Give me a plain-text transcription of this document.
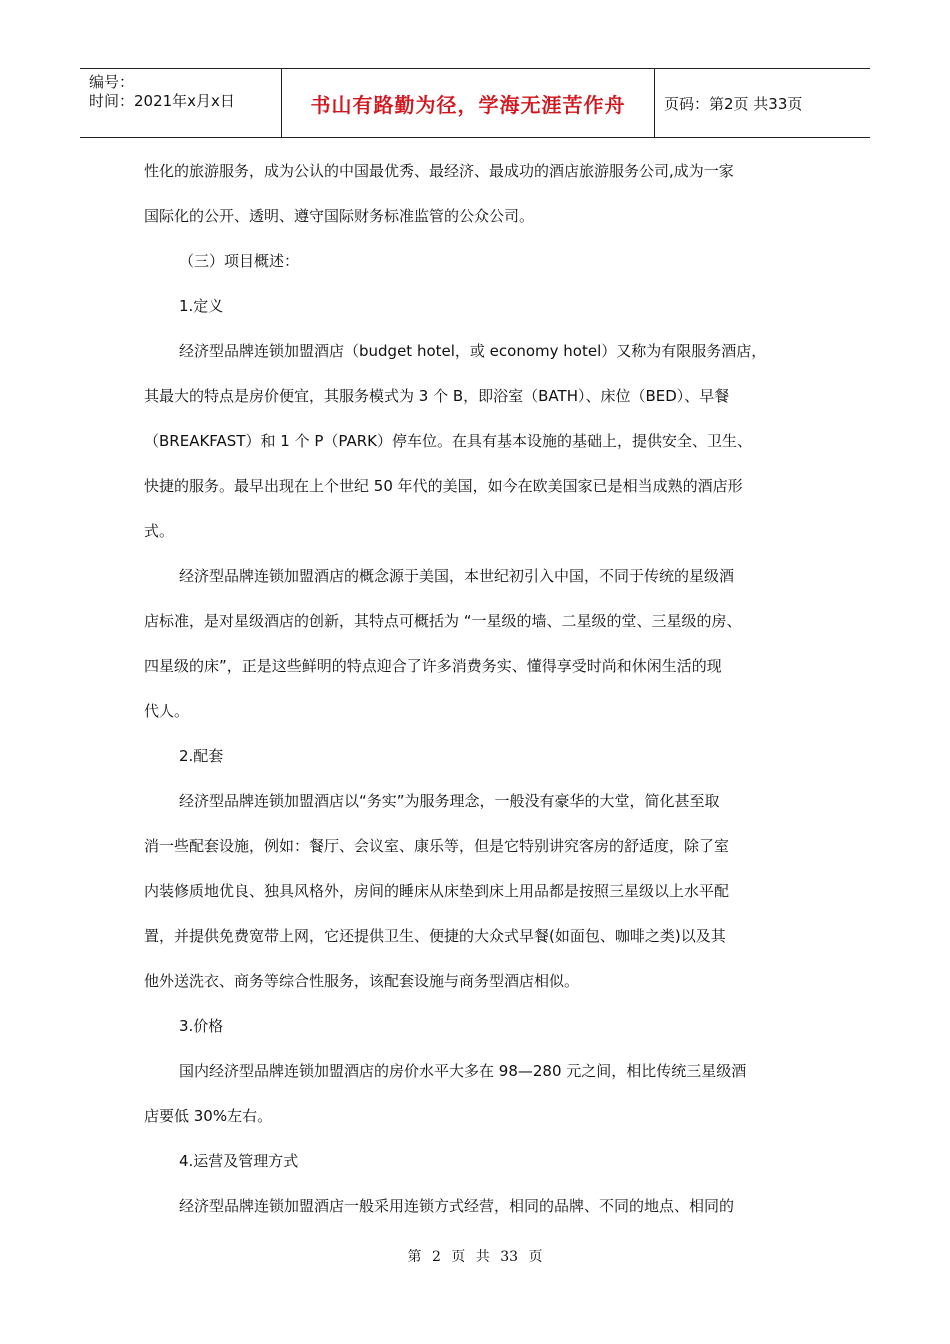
编号：
时间：2021年x月x日	书山有路勤为径，学海无涯苦作舟	页码：第2页 共33页
性化的旅游服务，成为公认的中国最优秀、最经济、最成功的酒店旅游服务公司,成为一家
国际化的公开、透明、遵守国际财务标准监管的公众公司。
（三）项目概述：
1.定义
经济型品牌连锁加盟酒店（budget hotel，或 economy hotel）又称为有限服务酒店，
其最大的特点是房价便宜，其服务模式为 3 个 B，即浴室（BATH）、床位（BED）、早餐
（BREAKFAST）和 1 个 P（PARK）停车位。在具有基本设施的基础上，提供安全、卫生、
快捷的服务。最早出现在上个世纪 50 年代的美国，如今在欧美国家已是相当成熟的酒店形
式。
经济型品牌连锁加盟酒店的概念源于美国，本世纪初引入中国，不同于传统的星级酒
店标准，是对星级酒店的创新，其特点可概括为 “一星级的墙、二星级的堂、三星级的房、
四星级的床”，正是这些鲜明的特点迎合了许多消费务实、懂得享受时尚和休闲生活的现
代人。
2.配套
经济型品牌连锁加盟酒店以“务实”为服务理念，一般没有豪华的大堂，简化甚至取
消一些配套设施，例如：餐厅、会议室、康乐等，但是它特别讲究客房的舒适度，除了室
内装修质地优良、独具风格外，房间的睡床从床垫到床上用品都是按照三星级以上水平配
置，并提供免费宽带上网，它还提供卫生、便捷的大众式早餐(如面包、咖啡之类)以及其
他外送洗衣、商务等综合性服务，该配套设施与商务型酒店相似。
3.价格
国内经济型品牌连锁加盟酒店的房价水平大多在 98—280 元之间，相比传统三星级酒
店要低 30%左右。
4.运营及管理方式
经济型品牌连锁加盟酒店一般采用连锁方式经营，相同的品牌、不同的地点、相同的
第 2 页 共 33 页
